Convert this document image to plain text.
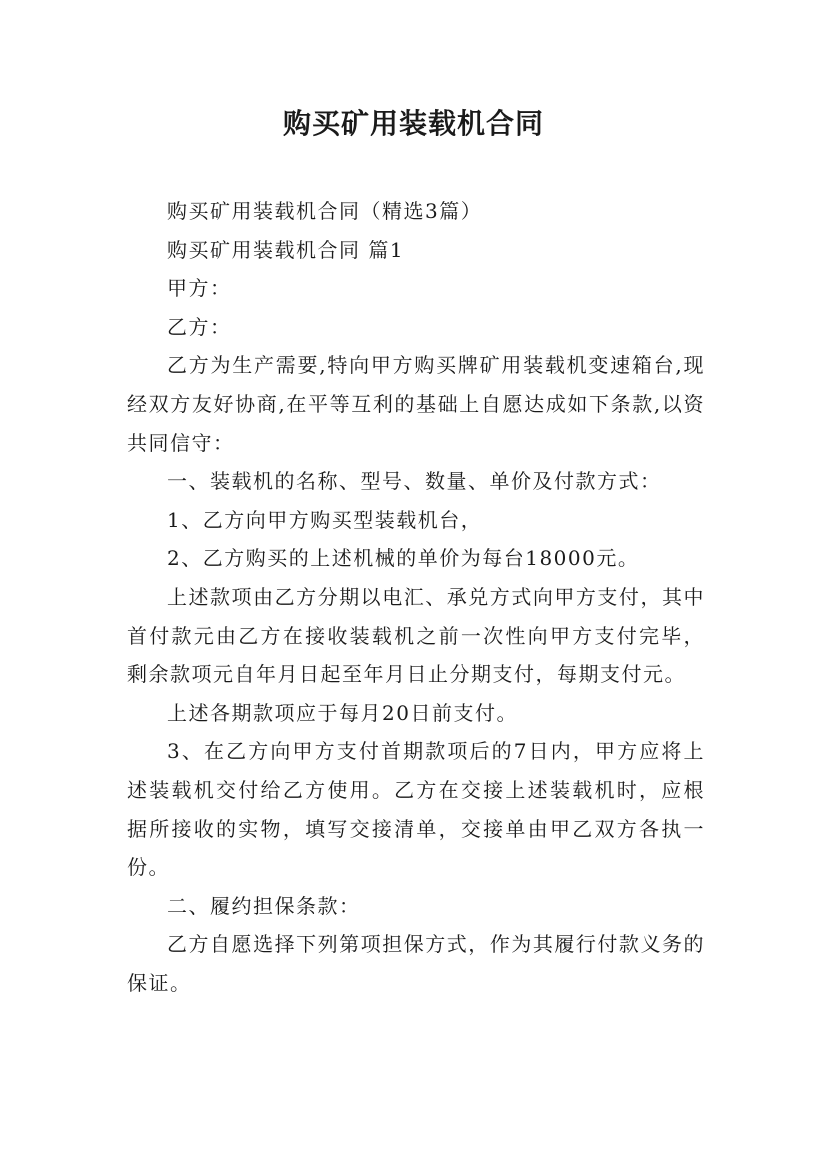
购买矿用装载机合同

购买矿用装载机合同（精选3篇）

购买矿用装载机合同 篇1

甲方：

乙方：

乙方为生产需要,特向甲方购买牌矿用装载机变速箱台,现经双方友好协商,在平等互利的基础上自愿达成如下条款,以资共同信守：

一、装载机的名称、型号、数量、单价及付款方式：

1、乙方向甲方购买型装载机台，

2、乙方购买的上述机械的单价为每台18000元。

上述款项由乙方分期以电汇、承兑方式向甲方支付，其中首付款元由乙方在接收装载机之前一次性向甲方支付完毕，剩余款项元自年月日起至年月日止分期支付，每期支付元。

上述各期款项应于每月20日前支付。

3、在乙方向甲方支付首期款项后的7日内，甲方应将上述装载机交付给乙方使用。乙方在交接上述装载机时，应根据所接收的实物，填写交接清单，交接单由甲乙双方各执一份。

二、履约担保条款：

乙方自愿选择下列第项担保方式，作为其履行付款义务的保证。
